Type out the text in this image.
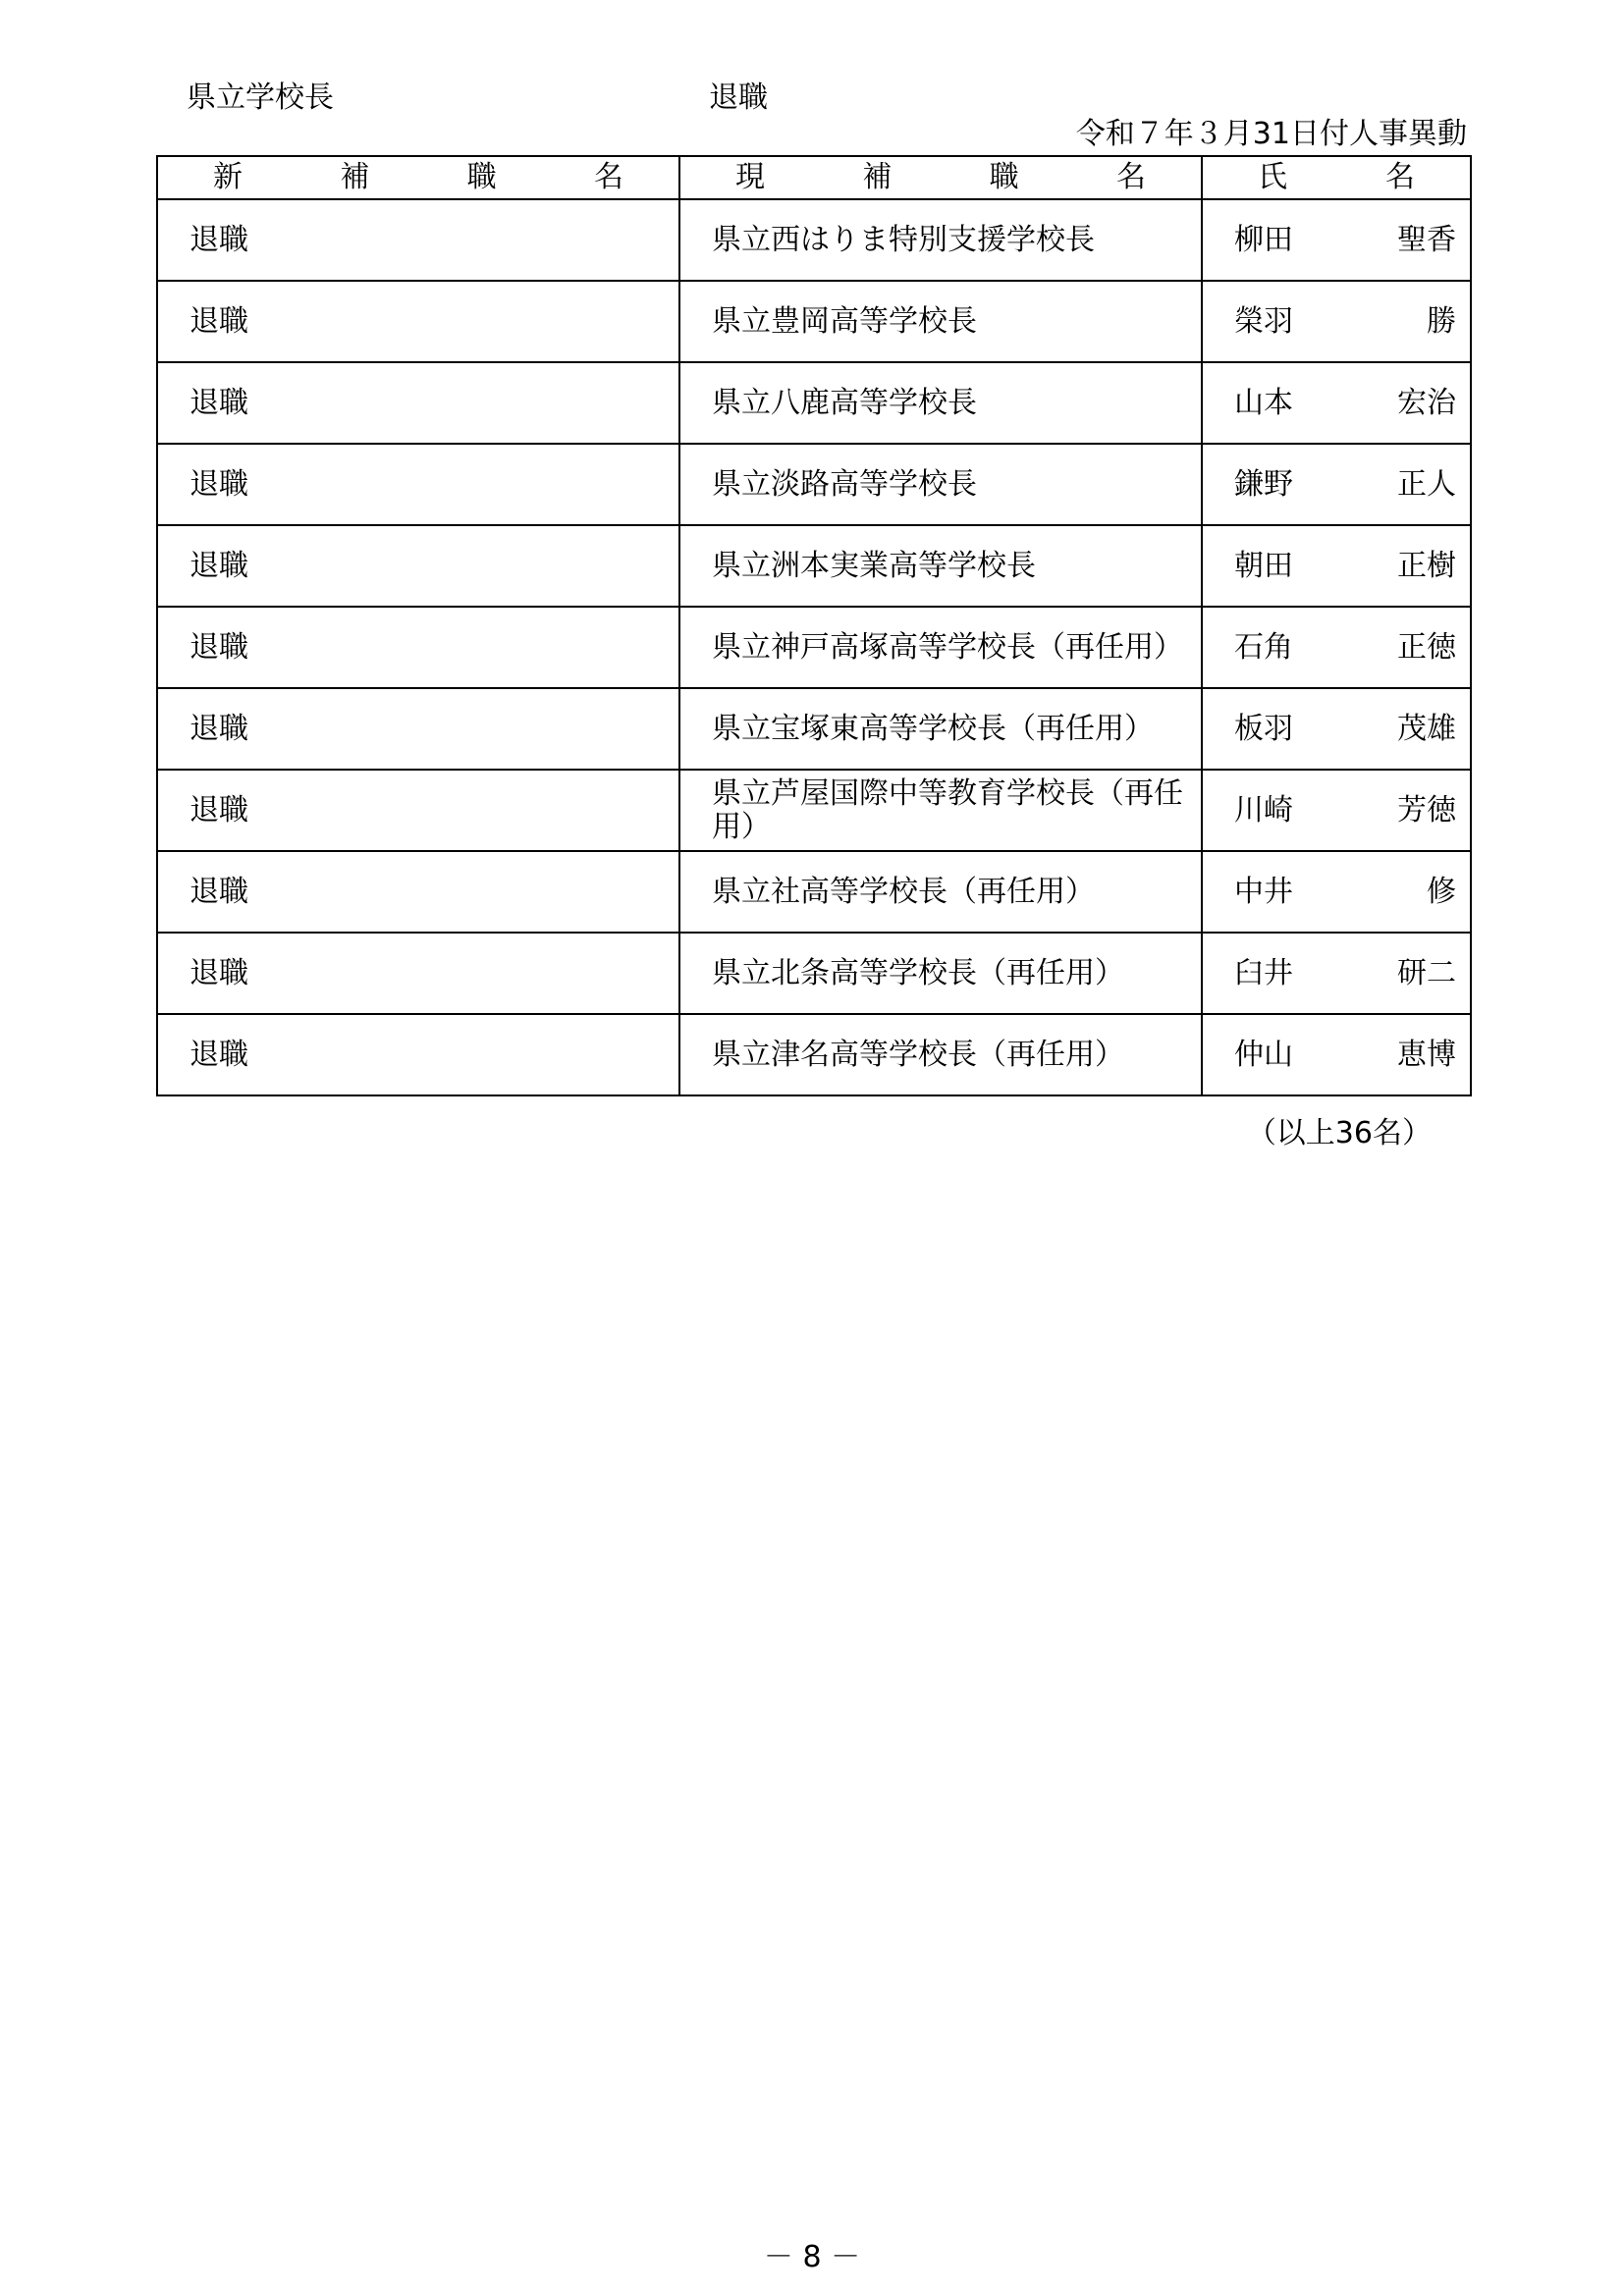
県立学校長	退職
令和７年３月31日付人事異動
新 補 職 名	現 補 職 名	氏 名

退職	県立西はりま特別支援学校長	柳田 聖香

退職	県立豊岡高等学校長	榮羽 勝

退職	県立八鹿高等学校長	山本 宏治

退職	県立淡路高等学校長	鎌野 正人

退職	県立洲本実業高等学校長	朝田 正樹

退職	県立神戸高塚高等学校長（再任用）	石角 正徳

退職	県立宝塚東高等学校長（再任用）	板羽 茂雄

退職	県立芦屋国際中等教育学校長（再任用）	川崎 芳徳

退職	県立社高等学校長（再任用）	中井 修

退職	県立北条高等学校長（再任用）	臼井 研二

退職	県立津名高等学校長（再任用）	仲山 恵博
（以上36名）
－ 8 －
